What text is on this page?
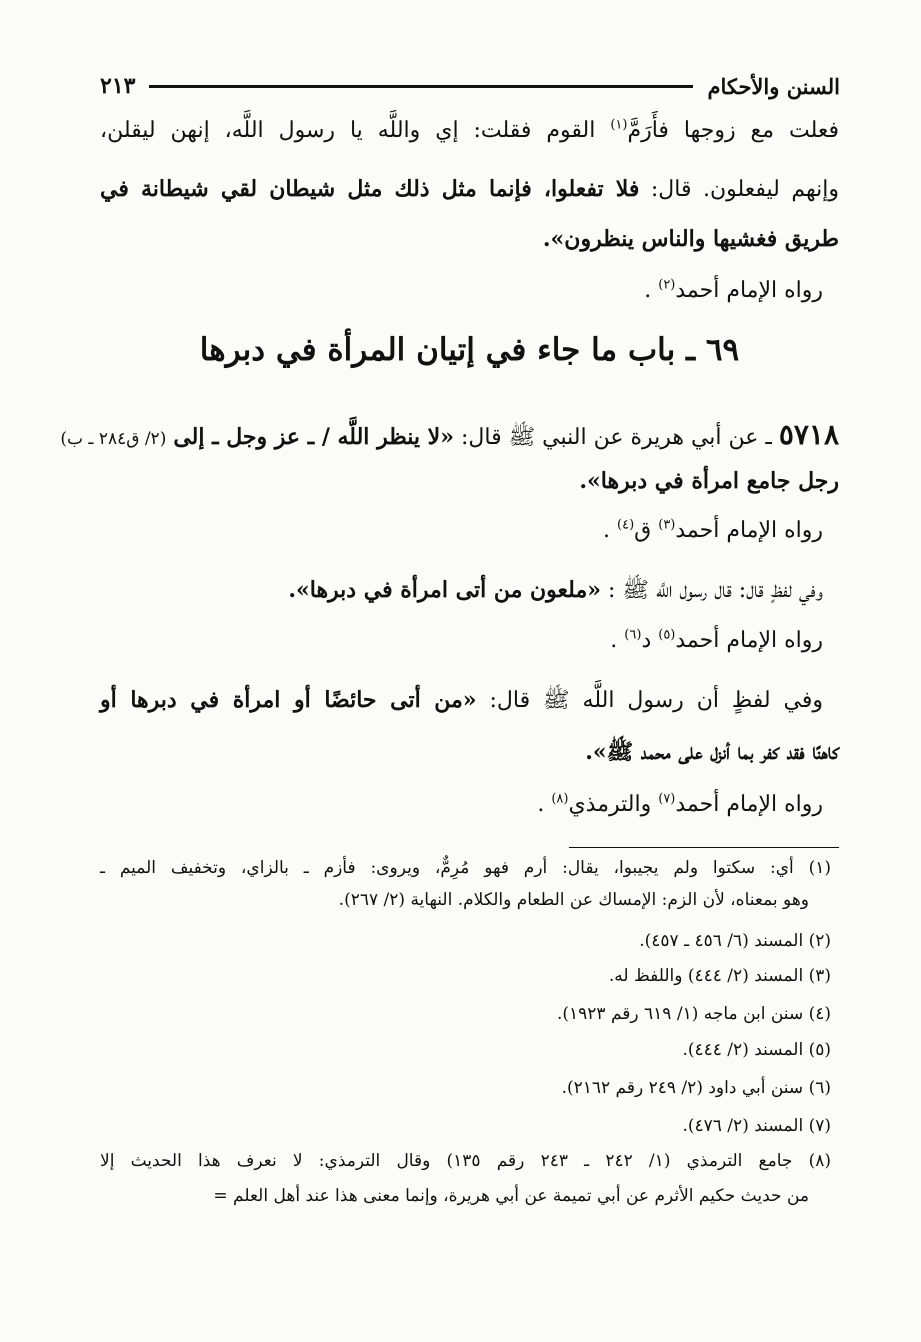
السنن والأحكام
٢١٣
فعلت مع زوجها فأَرَمَّ$^{(١)}$ القوم فقلت: إي واللَّه يا رسول اللَّه، إنهن ليقلن،
وإنهم ليفعلون. قال: فلا تفعلوا، فإنما مثل ذلك مثل شيطان لقي شيطانة في
طريق فغشيها والناس ينظرون».
رواه الإمام أحمد$^{(٢)}$ .
٦٩ ـ باب ما جاء في إتيان المرأة في دبرها
٥٧١٨ ـ عن أبي هريرة عن النبي ﷺ قال: «لا ينظر اللَّه / ـ عز وجل ـ إلى (٢/ ق٢٨٤ ـ ب)
رجل جامع امرأة في دبرها».
رواه الإمام أحمد$^{(٣)}$ ق$^{(٤)}$ .
وفي لفظٍ قال: قال رسول اللَّه ﷺ : «ملعون من أتى امرأة في دبرها».
رواه الإمام أحمد$^{(٥)}$ د$^{(٦)}$ .
وفي لفظٍ أن رسول اللَّه ﷺ قال: «من أتى حائضًا أو امرأة في دبرها أو
كاهنًا فقد كفر بما أنزل على محمد ﷺ».
رواه الإمام أحمد$^{(٧)}$ والترمذي$^{(٨)}$ .
(١) أي: سكتوا ولم يجيبوا، يقال: أرم فهو مُرِمٌّ، ويروى: فأزم ـ بالزاي، وتخفيف الميم ـ
وهو بمعناه، لأن الزم: الإمساك عن الطعام والكلام. النهاية (٢/ ٢٦٧).
(٢) المسند (٦/ ٤٥٦ ـ ٤٥٧).
(٣) المسند (٢/ ٤٤٤) واللفظ له.
(٤) سنن ابن ماجه (١/ ٦١٩ رقم ١٩٢٣).
(٥) المسند (٢/ ٤٤٤).
(٦) سنن أبي داود (٢/ ٢٤٩ رقم ٢١٦٢).
(٧) المسند (٢/ ٤٧٦).
(٨) جامع الترمذي (١/ ٢٤٢ ـ ٢٤٣ رقم ١٣٥) وقال الترمذي: لا نعرف هذا الحديث إلا
من حديث حكيم الأثرم عن أبي تميمة عن أبي هريرة، وإنما معنى هذا عند أهل العلم =
